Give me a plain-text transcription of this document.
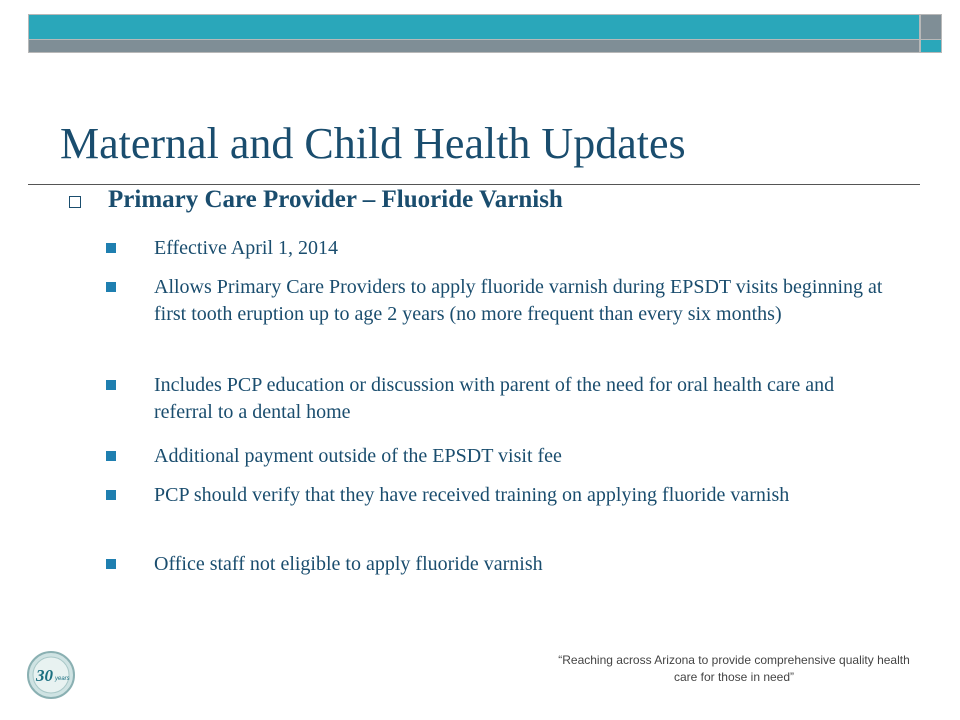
Maternal and Child Health Updates
Primary Care Provider – Fluoride Varnish
Effective April 1, 2014
Allows Primary Care Providers to apply fluoride varnish during EPSDT visits beginning at first tooth eruption up to age 2 years (no more frequent than every six months)
Includes PCP education or discussion with parent of the need for oral health care and referral to a dental home
Additional payment outside of the EPSDT visit fee
PCP should verify that they have received training on applying fluoride varnish
Office staff not eligible to apply fluoride varnish
30 years
“Reaching across Arizona to provide comprehensive quality health care for those in need”
